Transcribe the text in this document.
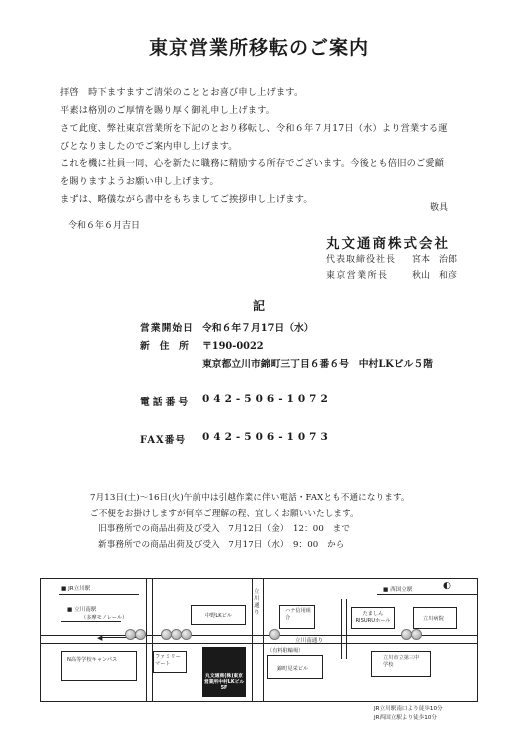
東京営業所移転のご案内
拝啓　時下ますますご清栄のこととお喜び申し上げます。
平素は格別のご厚情を賜り厚く御礼申し上げます。
さて此度、弊社東京営業所を下記のとおり移転し、令和６年７月17日（水）より営業する運
びとなりましたのでご案内申し上げます。
これを機に社員一同、心を新たに職務に精励する所存でございます。今後とも倍旧のご愛顧
を賜りますようお願い申し上げます。
まずは、略儀ながら書中をもちましてご挨拶申し上げます。
敬具
令和６年６月吉日
丸文通商株式会社
代表取締役社長 宮本　治郎
東京営業所長	秋山　和彦
記
営業開始日 令和６年７月17日（水）
新　住　所 〒190-0022
東京都立川市錦町三丁目６番６号　中村LKビル５階
電話番号 042-506-1072
FAX番号 042-506-1073
7月13日(土)～16日(火)午前中は引越作業に伴い電話・FAXとも不通になります。
ご不便をお掛けしますが何卒ご理解の程、宜しくお願いいたします。
旧事務所での商品出荷及び受入　7月12日（金）　12：00　まで
新事務所での商品出荷及び受入　7月17日（水）　9：00　から
■ JR立川駅
■ 立川南駅
（多摩モノレール）
立川南通り
◀
立川通り
中野LKビル
ハナ信用組合
■ 西国立駅	◐
たましんRISURUホール	立川病院
N高等学校キャンパス	ファミリーマート
丸文通商(株)東京営業所中村LKビル5F
（有料駐輪場）
錦町見栄ビル
立川市立第三中学校
JR立川駅南口より徒歩10分
JR西国立駅より徒歩10分
